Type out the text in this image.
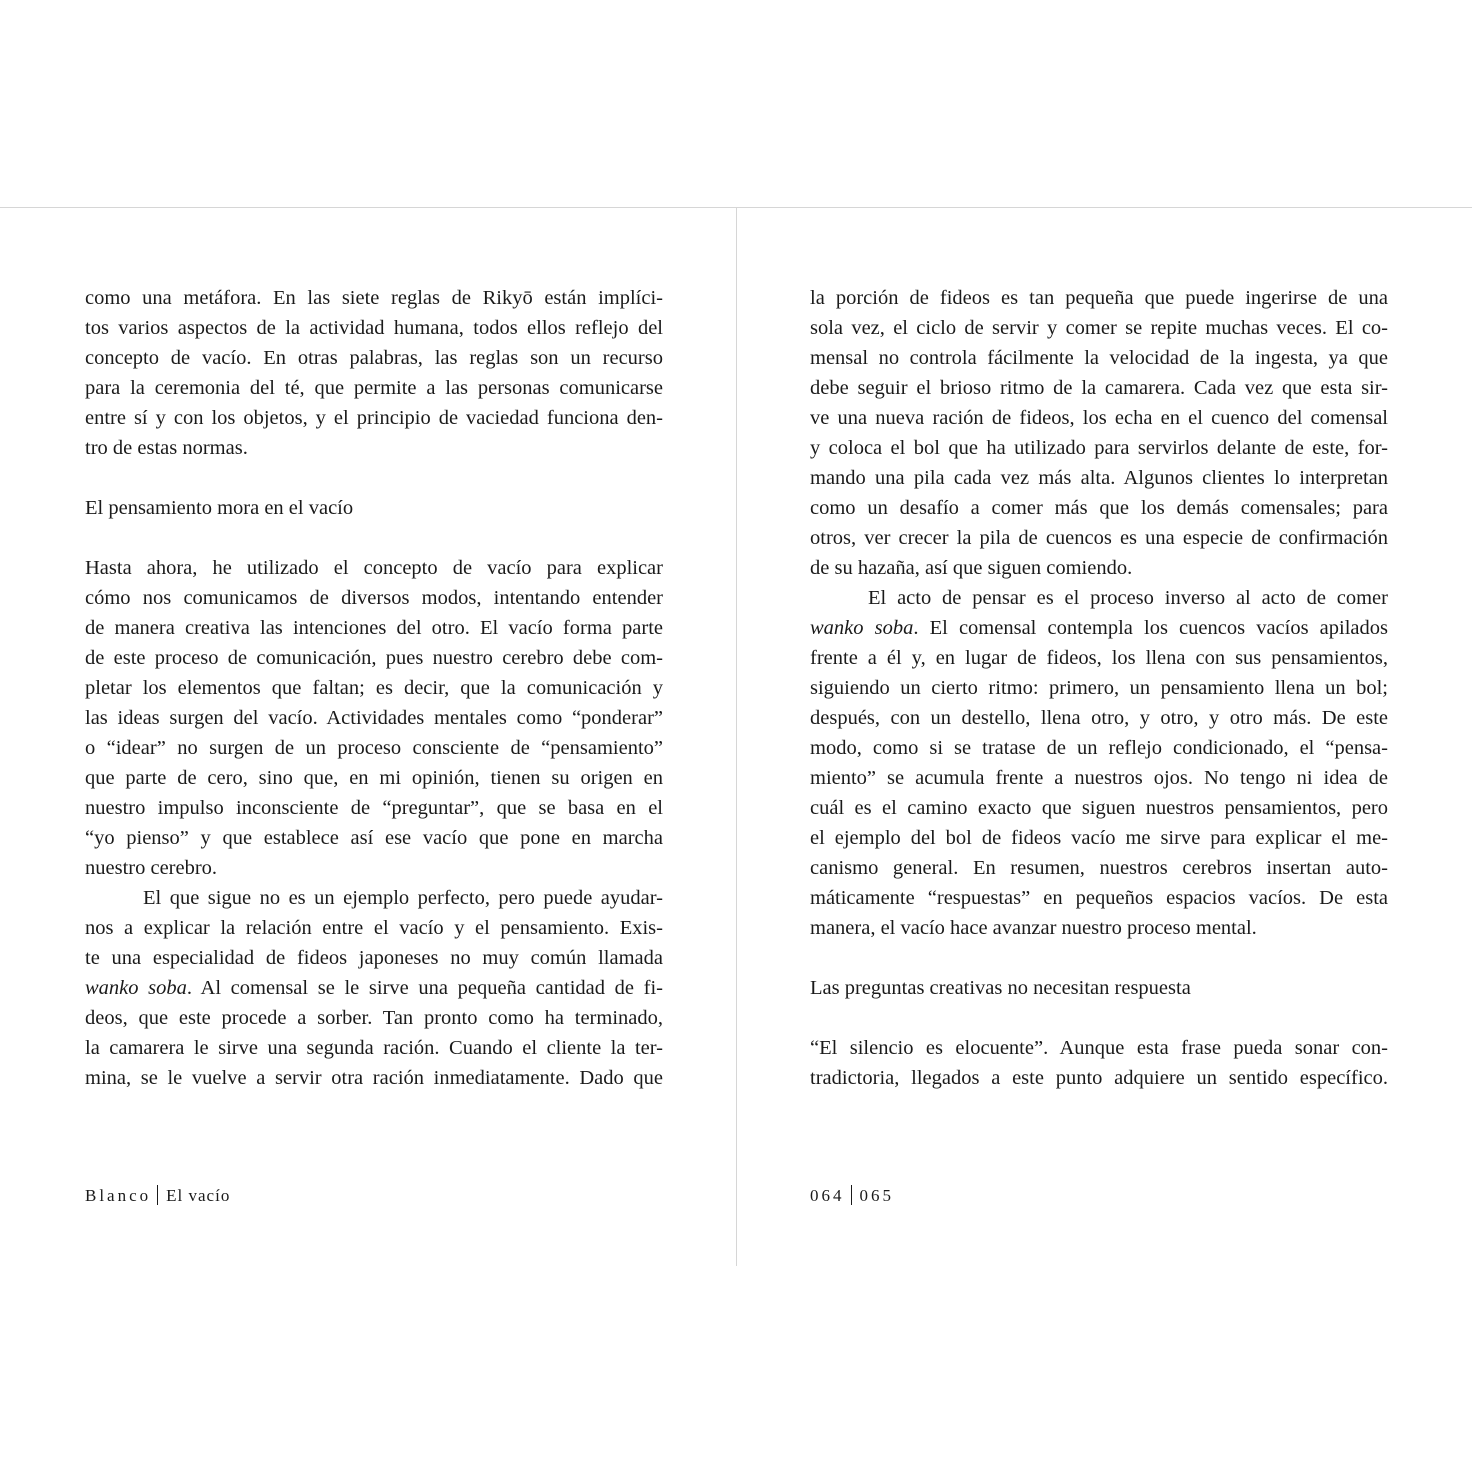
como una metáfora. En las siete reglas de Rikyō están implíci-
tos varios aspectos de la actividad humana, todos ellos reflejo del
concepto de vacío. En otras palabras, las reglas son un recurso
para la ceremonia del té, que permite a las personas comunicarse
entre sí y con los objetos, y el principio de vaciedad funciona den-
tro de estas normas.
El pensamiento mora en el vacío
Hasta ahora, he utilizado el concepto de vacío para explicar
cómo nos comunicamos de diversos modos, intentando entender
de manera creativa las intenciones del otro. El vacío forma parte
de este proceso de comunicación, pues nuestro cerebro debe com-
pletar los elementos que faltan; es decir, que la comunicación y
las ideas surgen del vacío. Actividades mentales como “ponderar”
o “idear” no surgen de un proceso consciente de “pensamiento”
que parte de cero, sino que, en mi opinión, tienen su origen en
nuestro impulso inconsciente de “preguntar”, que se basa en el
“yo pienso” y que establece así ese vacío que pone en marcha
nuestro cerebro.
El que sigue no es un ejemplo perfecto, pero puede ayudar-
nos a explicar la relación entre el vacío y el pensamiento. Exis-
te una especialidad de fideos japoneses no muy común llamada
wanko soba. Al comensal se le sirve una pequeña cantidad de fi-
deos, que este procede a sorber. Tan pronto como ha terminado,
la camarera le sirve una segunda ración. Cuando el cliente la ter-
mina, se le vuelve a servir otra ración inmediatamente. Dado que
la porción de fideos es tan pequeña que puede ingerirse de una
sola vez, el ciclo de servir y comer se repite muchas veces. El co-
mensal no controla fácilmente la velocidad de la ingesta, ya que
debe seguir el brioso ritmo de la camarera. Cada vez que esta sir-
ve una nueva ración de fideos, los echa en el cuenco del comensal
y coloca el bol que ha utilizado para servirlos delante de este, for-
mando una pila cada vez más alta. Algunos clientes lo interpretan
como un desafío a comer más que los demás comensales; para
otros, ver crecer la pila de cuencos es una especie de confirmación
de su hazaña, así que siguen comiendo.
El acto de pensar es el proceso inverso al acto de comer
wanko soba. El comensal contempla los cuencos vacíos apilados
frente a él y, en lugar de fideos, los llena con sus pensamientos,
siguiendo un cierto ritmo: primero, un pensamiento llena un bol;
después, con un destello, llena otro, y otro, y otro más. De este
modo, como si se tratase de un reflejo condicionado, el “pensa-
miento” se acumula frente a nuestros ojos. No tengo ni idea de
cuál es el camino exacto que siguen nuestros pensamientos, pero
el ejemplo del bol de fideos vacío me sirve para explicar el me-
canismo general. En resumen, nuestros cerebros insertan auto-
máticamente “respuestas” en pequeños espacios vacíos. De esta
manera, el vacío hace avanzar nuestro proceso mental.
Las preguntas creativas no necesitan respuesta
“El silencio es elocuente”. Aunque esta frase pueda sonar con-
tradictoria, llegados a este punto adquiere un sentido específico.
Blanco El vacío	064 065
